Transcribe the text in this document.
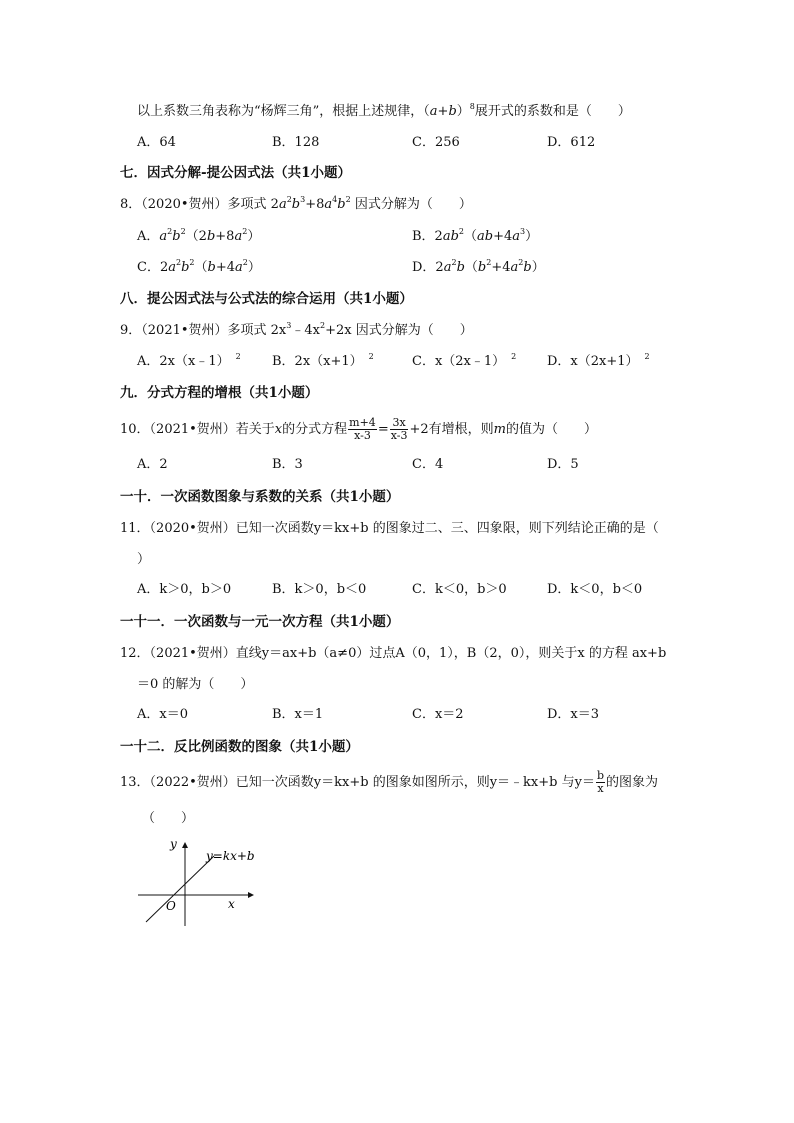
以上系数三角表称为“杨辉三角”，根据上述规律，$(a+b)^8$展开式的系数和是（　　）
A．64	B．128	C．256	D．612
七．因式分解-提公因式法（共1小题）
8．（2020•贺州）多项式 $2a^2b^3+8a^4b^2$ 因式分解为（　　）
A．$a^2b^2(2b+8a^2)$	B．$2ab^2(ab+4a^3)$
C．$2a^2b^2(b+4a^2)$	D．$2a^2b(b^2+4a^2b)$
八．提公因式法与公式法的综合运用（共1小题）
9．（2021•贺州）多项式 $2x^3﹣4x^2+2x$ 因式分解为（　　）
A．2x（x﹣1） $^2$ B．2x（x+1） $^2$	C．x（2x﹣1） $^2$ D．x（2x+1） $^2$
九．分式方程的增根（共1小题）
10．（2021•贺州）若关于x的分式方程 $\frac{m+4}{x-3} = \frac{3x}{x-3} +2$有增根，则m的值为（　　）
A．2	B．3	C．4	D．5
一十．一次函数图象与系数的关系（共1小题）
11．（2020•贺州）已知一次函数y＝kx+b 的图象过二、三、四象限，则下列结论正确的是（
）
A．k＞0，b＞0	B．k＞0，b＜0	C．k＜0，b＞0	D．k＜0，b＜0
一十一．一次函数与一元一次方程（共1小题）
12．（2021•贺州）直线y＝ax+b（a≠0）过点A（0，1），B（2，0），则关于x 的方程 ax+b
＝0 的解为（　　）
A．x＝0	B．x＝1	C．x＝2	D．x＝3
一十二．反比例函数的图象（共1小题）
13．（2022•贺州）已知一次函数y＝kx+b 的图象如图所示，则y＝﹣kx+b 与$y= \frac{b}{x}$ 的图象为
（　　）
y
y=kx+b
O	x
